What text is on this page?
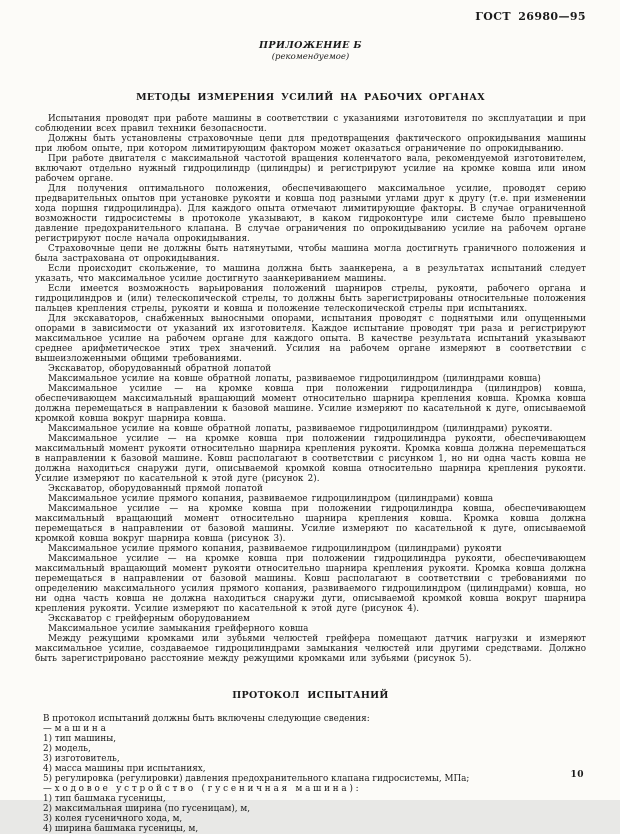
ГОСТ 26980—95
ПРИЛОЖЕНИЕ Б
(рекомендуемое)
МЕТОДЫ ИЗМЕРЕНИЯ УСИЛИЙ НА РАБОЧИХ ОРГАНАХ

Испытания проводят при работе машины в соответствии с указаниями изготовителя по эксплуатации и при соблюдении всех правил техники безопасности.

Должны быть установлены страховочные цепи для предотвращения фактического опрокидывания машины при любом опыте, при котором лимитирующим фактором может оказаться ограничение по опрокидыванию.

При работе двигателя с максимальной частотой вращения коленчатого вала, рекомендуемой изготовителем, включают отдельно нужный гидроцилиндр (цилиндры) и регистрируют усилие на кромке ковша или ином рабочем органе.

Для получения оптимального положения, обеспечивающего максимальное усилие, проводят серию предварительных опытов при установке рукояти и ковша под разными углами друг к другу (т.е. при изменении хода поршня гидроцилиндра). Для каждого опыта отмечают лимитирующие факторы. В случае ограниченной возможности гидросистемы в протоколе указывают, в каком гидроконтуре или системе было превышено давление предохранительного клапана. В случае ограничения по опрокидыванию усилие на рабочем органе регистрируют после начала опрокидывания.

Страховочные цепи не должны быть натянутыми, чтобы машина могла достигнуть граничного положения и была застрахована от опрокидывания.

Если происходит скольжение, то машина должна быть заанкерена, а в результатах испытаний следует указать, что максимальное усилие достигнуто заанкериванием машины.

Если имеется возможность варьирования положений шарниров стрелы, рукояти, рабочего органа и гидроцилиндров и (или) телескопической стрелы, то должны быть зарегистрированы относительные положения пальцев крепления стрелы, рукояти и ковша и положение телескопической стрелы при испытаниях.

Для экскаваторов, снабженных выносными опорами, испытания проводят с поднятыми или опущенными опорами в зависимости от указаний их изготовителя. Каждое испытание проводят три раза и регистрируют максимальное усилие на рабочем органе для каждого опыта. В качестве результата испытаний указывают среднее арифметическое этих трех значений. Усилия на рабочем органе измеряют в соответствии с вышеизложенными общими требованиями.

Экскаватор, оборудованный обратной лопатой

Максимальное усилие на ковше обратной лопаты, развиваемое гидроцилиндром (цилиндрами ковша)

Максимальное усилие — на кромке ковша при положении гидроцилиндра (цилиндров) ковша, обеспечивающем максимальный вращающий момент относительно шарнира крепления ковша. Кромка ковша должна перемещаться в направлении к базовой машине. Усилие измеряют по касательной к дуге, описываемой кромкой ковша вокруг шарнира ковша.

Максимальное усилие на ковше обратной лопаты, развиваемое гидроцилиндром (цилиндрами) рукояти.

Максимальное усилие — на кромке ковша при положении гидроцилиндра рукояти, обеспечивающем максимальный момент рукояти относительно шарнира крепления рукояти. Кромка ковша должна перемещаться в направлении к базовой машине. Ковш располагают в соответствии с рисунком 1, но ни одна часть ковша не должна находиться снаружи дуги, описываемой кромкой ковша относительно шарнира крепления рукояти. Усилие измеряют по касательной к этой дуге (рисунок 2).

Экскаватор, оборудованный прямой лопатой

Максимальное усилие прямого копания, развиваемое гидроцилиндром (цилиндрами) ковша

Максимальное усилие — на кромке ковша при положении гидроцилиндра ковша, обеспечивающем максимальный вращающий момент относительно шарнира крепления ковша. Кромка ковша должна перемещаться в направлении от базовой машины. Усилие измеряют по касательной к дуге, описываемой кромкой ковша вокруг шарнира ковша (рисунок 3).

Максимальное усилие прямого копания, развиваемое гидроцилиндром (цилиндрами) рукояти

Максимальное усилие — на кромке ковша при положении гидроцилиндра рукояти, обеспечивающем максимальный вращающий момент рукояти относительно шарнира крепления рукояти. Кромка ковша должна перемещаться в направлении от базовой машины. Ковш располагают в соответствии с требованиями по определению максимального усилия прямого копания, развиваемого гидроцилиндром (цилиндрами) ковша, но ни одна часть ковша не должна находиться снаружи дуги, описываемой кромкой ковша вокруг шарнира крепления рукояти. Усилие измеряют по касательной к этой дуге (рисунок 4).

Экскаватор с грейферным оборудованием

Максимальное усилие замыкания грейферного ковша

Между режущими кромками или зубьями челюстей грейфера помещают датчик нагрузки и измеряют максимальное усилие, создаваемое гидроцилиндрами замыкания челюстей или другими средствами. Должно быть зарегистрировано расстояние между режущими кромками или зубьями (рисунок 5).

ПРОТОКОЛ ИСПЫТАНИЙ
В протокол испытаний должны быть включены следующие сведения:
— м а ш и н а
1) тип машины,
2) модель,
3) изготовитель,
4) масса машины при испытаниях,
5) регулировка (регулировки) давления предохранительного клапана гидросистемы, МПа;
— х о д о в о е   у с т р о й с т в о   ( г у с е н и ч н а я   м а ш и н а ) :
1) тип башмака гусеницы,
2) максимальная ширина (по гусеницам), м,
3) колея гусеничного хода, м,
4) ширина башмака гусеницы, м,
10
